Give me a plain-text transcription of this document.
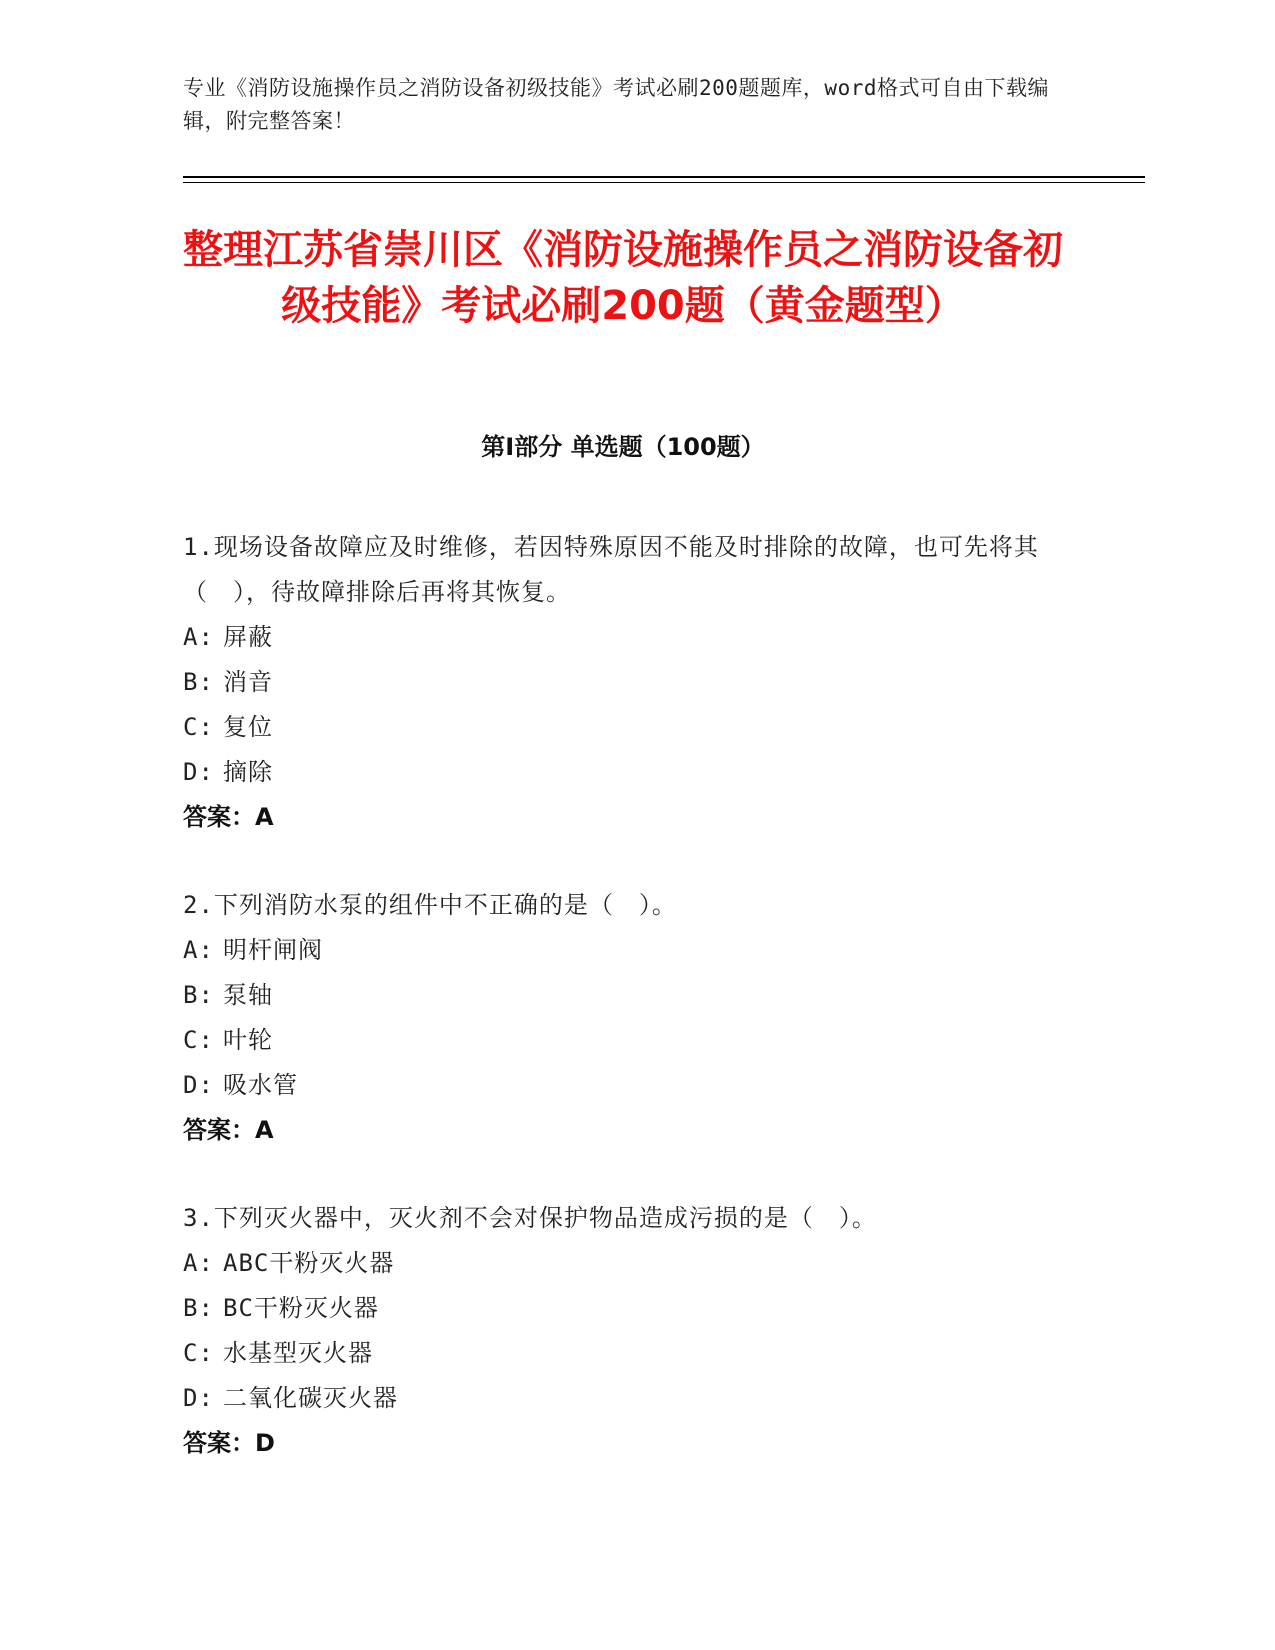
专业《消防设施操作员之消防设备初级技能》考试必刷200题题库，word格式可自由下载编辑，附完整答案！
整理江苏省崇川区《消防设施操作员之消防设备初级技能》考试必刷200题（黄金题型）
第I部分 单选题（100题）
1.现场设备故障应及时维修，若因特殊原因不能及时排除的故障，也可先将其（　），待故障排除后再将其恢复。
A: 屏蔽
B: 消音
C: 复位
D: 摘除
答案：A
2.下列消防水泵的组件中不正确的是（　）。
A: 明杆闸阀
B: 泵轴
C: 叶轮
D: 吸水管
答案：A
3.下列灭火器中，灭火剂不会对保护物品造成污损的是（　）。
A: ABC干粉灭火器
B: BC干粉灭火器
C: 水基型灭火器
D: 二氧化碳灭火器
答案：D
